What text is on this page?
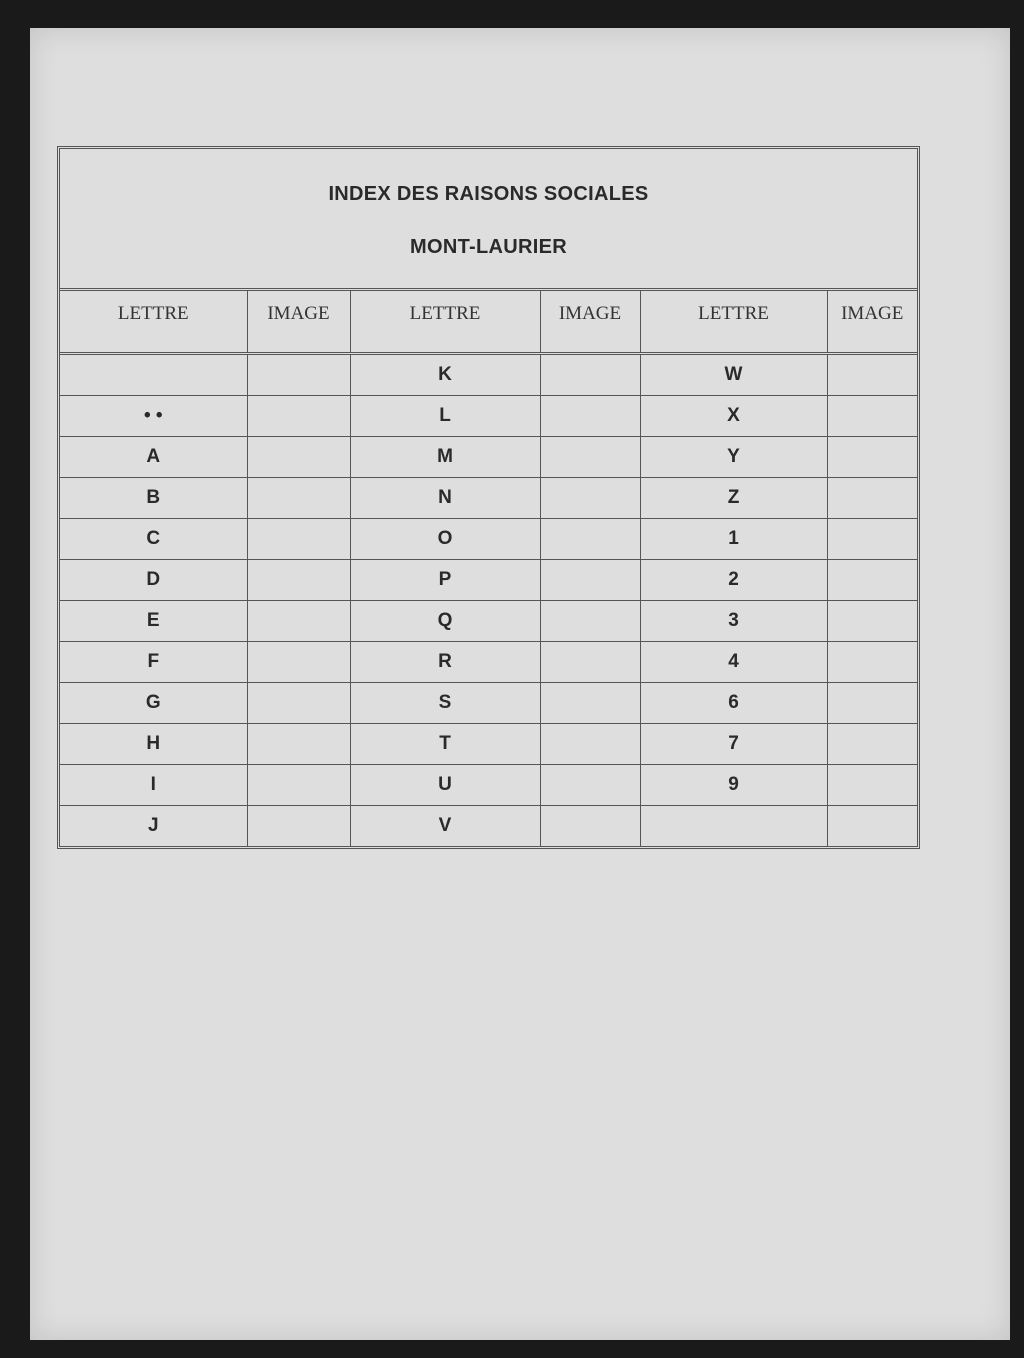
INDEX DES RAISONS SOCIALES
MONT-LAURIER
LETTRE	IMAGE	LETTRE	IMAGE	LETTRE	IMAGE
		K		W	
• •		L		X	
A		M		Y	
B		N		Z	
C		O		1	
D		P		2	
E		Q		3	
F		R		4	
G		S		6	
H		T		7	
I		U		9	
J		V			
